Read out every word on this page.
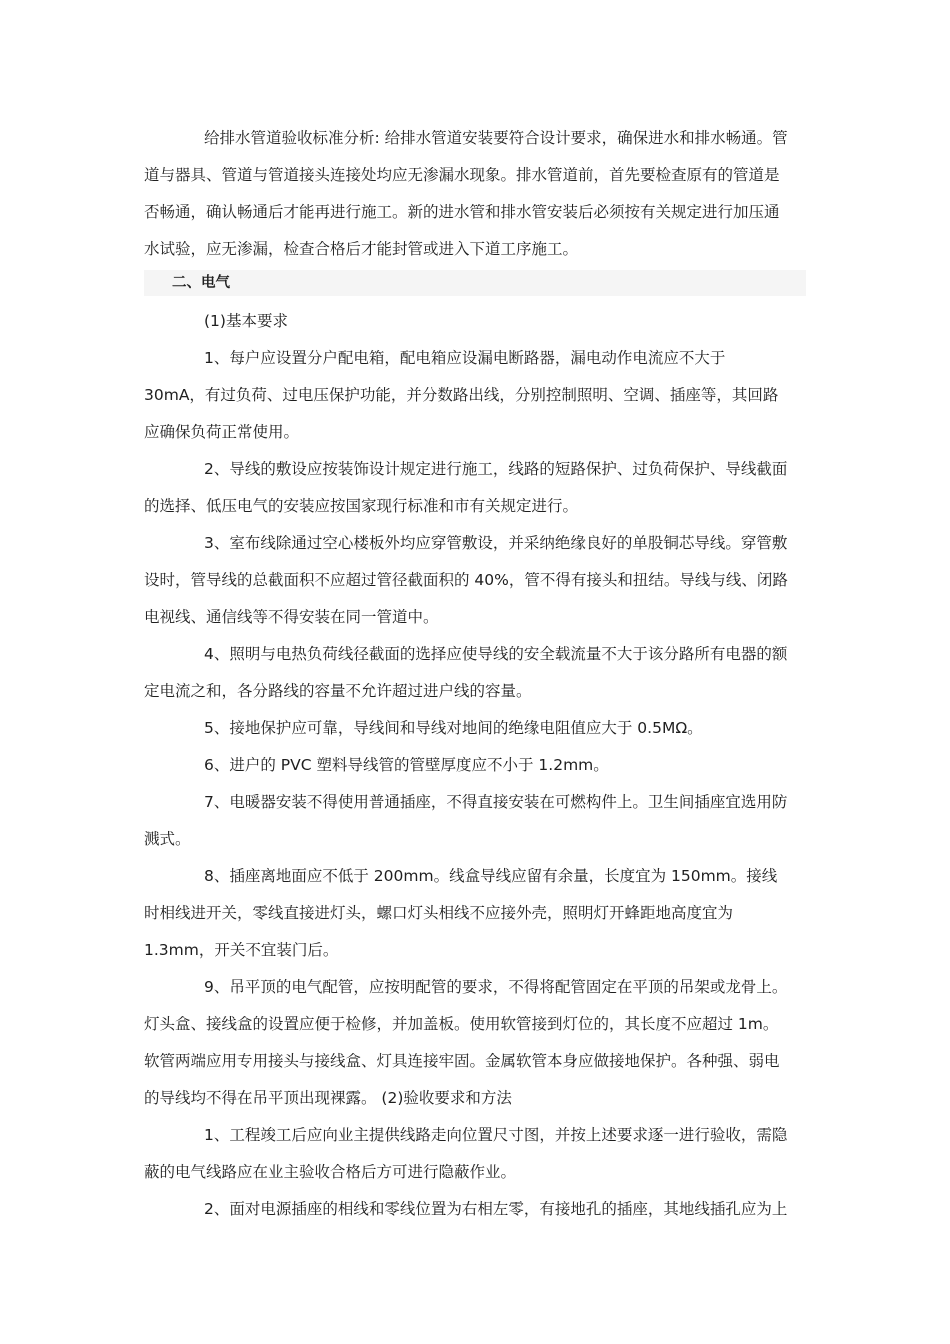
给排水管道验收标准分析: 给排水管道安装要符合设计要求，确保进水和排水畅通。管
道与器具、管道与管道接头连接处均应无渗漏水现象。排水管道前，首先要检查原有的管道是
否畅通，确认畅通后才能再进行施工。新的进水管和排水管安装后必须按有关规定进行加压通
水试验，应无渗漏，检查合格后才能封管或进入下道工序施工。
二、电气
(1)基本要求
1、每户应设置分户配电箱，配电箱应设漏电断路器，漏电动作电流应不大于
30mA，有过负荷、过电压保护功能，并分数路出线，分别控制照明、空调、插座等，其回路
应确保负荷正常使用。
2、导线的敷设应按装饰设计规定进行施工，线路的短路保护、过负荷保护、导线截面
的选择、低压电气的安装应按国家现行标准和市有关规定进行。
3、室布线除通过空心楼板外均应穿管敷设，并采纳绝缘良好的单股铜芯导线。穿管敷
设时，管导线的总截面积不应超过管径截面积的 40%，管不得有接头和扭结。导线与线、闭路
电视线、通信线等不得安装在同一管道中。
4、照明与电热负荷线径截面的选择应使导线的安全载流量不大于该分路所有电器的额
定电流之和，各分路线的容量不允许超过进户线的容量。
5、接地保护应可靠，导线间和导线对地间的绝缘电阻值应大于 0.5MΩ。
6、进户的 PVC 塑料导线管的管壁厚度应不小于 1.2mm。
7、电暖器安装不得使用普通插座，不得直接安装在可燃构件上。卫生间插座宜选用防
溅式。
8、插座离地面应不低于 200mm。线盒导线应留有余量，长度宜为 150mm。接线
时相线进开关，零线直接进灯头，螺口灯头相线不应接外壳，照明灯开蜂距地高度宜为
1.3mm，开关不宜装门后。
9、吊平顶的电气配管，应按明配管的要求，不得将配管固定在平顶的吊架或龙骨上。
灯头盒、接线盒的设置应便于检修，并加盖板。使用软管接到灯位的，其长度不应超过 1m。
软管两端应用专用接头与接线盒、灯具连接牢固。金属软管本身应做接地保护。各种强、弱电
的导线均不得在吊平顶出现裸露。 (2)验收要求和方法
1、工程竣工后应向业主提供线路走向位置尺寸图，并按上述要求逐一进行验收，需隐
蔽的电气线路应在业主验收合格后方可进行隐蔽作业。
2、面对电源插座的相线和零线位置为右相左零，有接地孔的插座，其地线插孔应为上
